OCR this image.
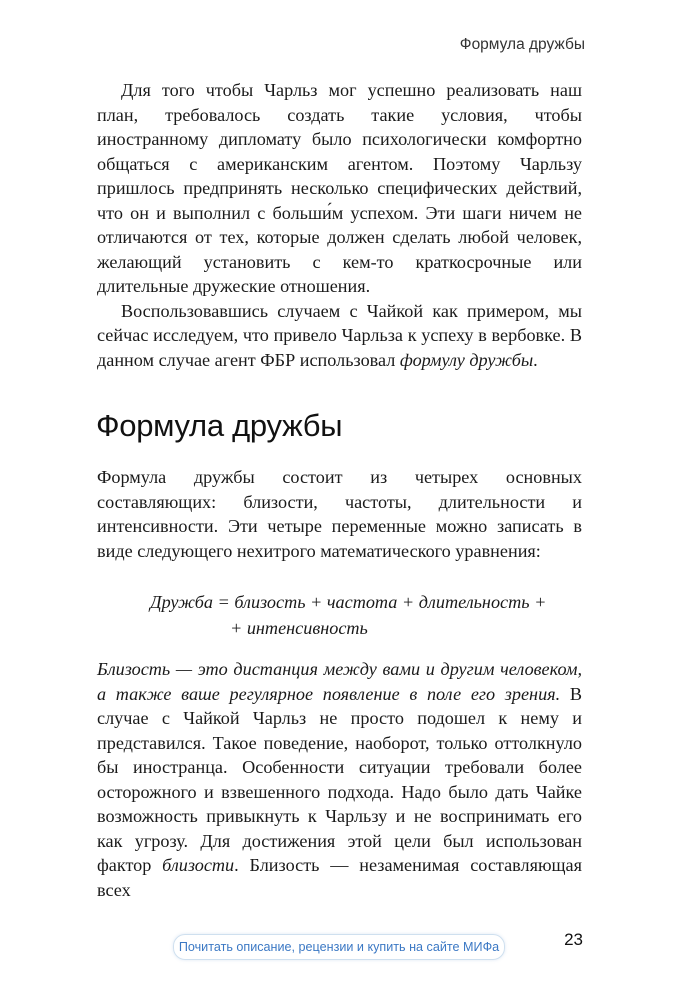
Формула дружбы

Для того чтобы Чарльз мог успешно реализовать наш план, требовалось создать такие условия, чтобы иностранному дипломату было психологически комфортно общаться с американским агентом. Поэтому Чарльзу пришлось предпринять несколько специфических действий, что он и выполнил с больши́м успехом. Эти шаги ничем не отличаются от тех, которые должен сделать любой человек, желающий установить с кем-то краткосрочные или длительные дружеские отношения.

Воспользовавшись случаем с Чайкой как примером, мы сейчас исследуем, что привело Чарльза к успеху в вербовке. В данном случае агент ФБР использовал формулу дружбы.

Формула дружбы

Формула дружбы состоит из четырех основных составляющих: близости, частоты, длительности и интенсивности. Эти четыре переменные можно записать в виде следующего нехитрого математического уравнения:

Дружба = близость + частота + длительность +
+ интенсивность

Близость — это дистанция между вами и другим человеком, а также ваше регулярное появление в поле его зрения. В случае с Чайкой Чарльз не просто подошел к нему и представился. Такое поведение, наоборот, только оттолкнуло бы иностранца. Особенности ситуации требовали более осторожного и взвешенного подхода. Надо было дать Чайке возможность привыкнуть к Чарльзу и не воспринимать его как угрозу. Для достижения этой цели был использован фактор близости. Близость — незаменимая составляющая всех

Почитать описание, рецензии и купить на сайте МИФа	23
